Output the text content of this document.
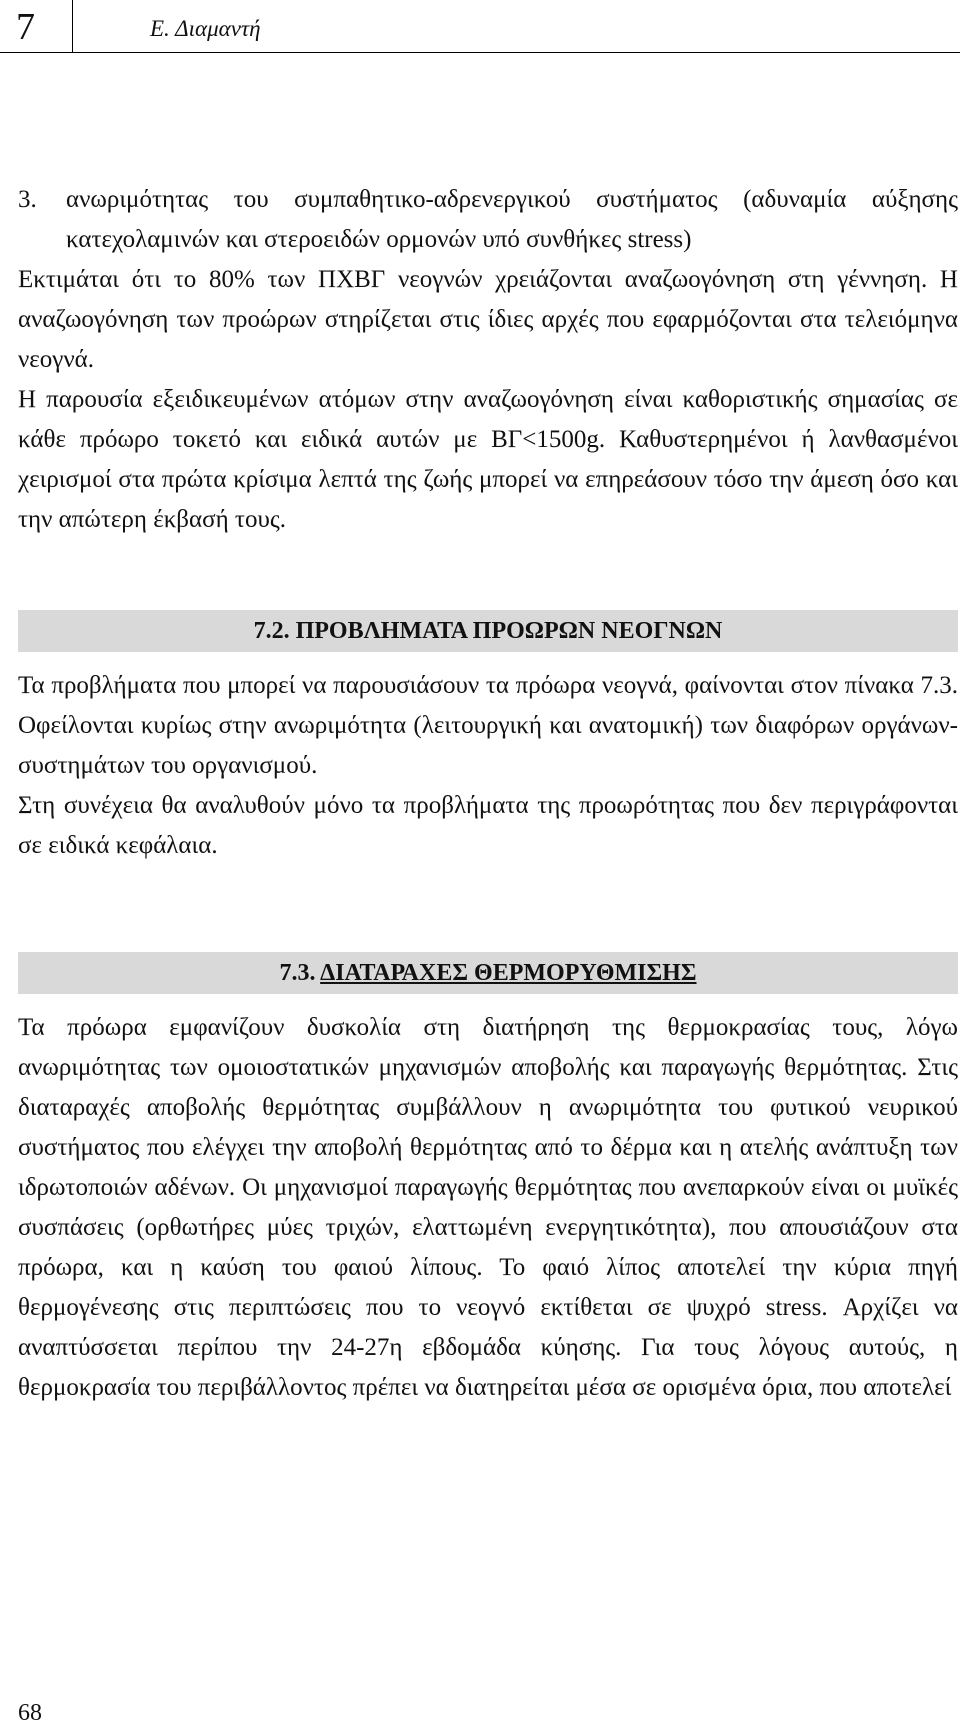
7	Ε. Διαμαντή
3.	ανωριμότητας του συμπαθητικο-αδρενεργικού συστήματος (αδυναμία αύξησης κατεχολαμινών και στεροειδών ορμονών υπό συνθήκες stress)

Εκτιμάται ότι το 80% των ΠΧΒΓ νεογνών χρειάζονται αναζωογόνηση στη γέννηση. Η αναζωογόνηση των προώρων στηρίζεται στις ίδιες αρχές που εφαρμόζονται στα τελειόμηνα νεογνά.

Η παρουσία εξειδικευμένων ατόμων στην αναζωογόνηση είναι καθοριστικής σημασίας σε κάθε πρόωρο τοκετό και ειδικά αυτών με ΒΓ<1500g. Καθυστερημένοι ή λανθασμένοι χειρισμοί στα πρώτα κρίσιμα λεπτά της ζωής μπορεί να επηρεάσουν τόσο την άμεση όσο και την απώτερη έκβασή τους.

7.2. ΠΡΟΒΛΗΜΑΤΑ ΠΡΟΩΡΩΝ ΝΕΟΓΝΩΝ

Τα προβλήματα που μπορεί να παρουσιάσουν τα πρόωρα νεογνά, φαίνονται στον πίνακα 7.3. Οφείλονται κυρίως στην ανωριμότητα (λειτουργική και ανατομική) των διαφόρων οργάνων-συστημάτων του οργανισμού.

Στη συνέχεια θα αναλυθούν μόνο τα προβλήματα της προωρότητας που δεν περιγράφονται σε ειδικά κεφάλαια.

7.3. ΔΙΑΤΑΡΑΧΕΣ ΘΕΡΜΟΡΥΘΜΙΣΗΣ

Τα πρόωρα εμφανίζουν δυσκολία στη διατήρηση της θερμοκρασίας τους, λόγω ανωριμότητας των ομοιοστατικών μηχανισμών αποβολής και παραγωγής θερμότητας. Στις διαταραχές αποβολής θερμότητας συμβάλλουν η ανωριμότητα του φυτικού νευρικού συστήματος που ελέγχει την αποβολή θερμότητας από το δέρμα και η ατελής ανάπτυξη των ιδρωτοποιών αδένων. Οι μηχανισμοί παραγωγής θερμότητας που ανεπαρκούν είναι οι μυϊκές συσπάσεις (ορθωτήρες μύες τριχών, ελαττωμένη ενεργητικότητα), που απουσιάζουν στα πρόωρα, και η καύση του φαιού λίπους. Το φαιό λίπος αποτελεί την κύρια πηγή θερμογένεσης στις περιπτώσεις που το νεογνό εκτίθεται σε ψυχρό stress. Αρχίζει να αναπτύσσεται περίπου την 24-27η εβδομάδα κύησης. Για τους λόγους αυτούς, η θερμοκρασία του περιβάλλοντος πρέπει να διατηρείται μέσα σε ορισμένα όρια, που αποτελεί

68
